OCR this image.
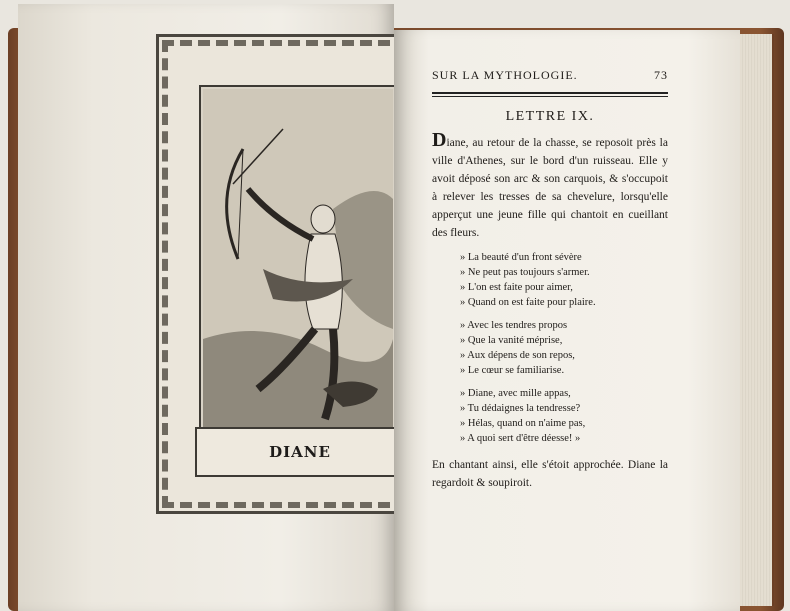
DIANE
SUR LA MYTHOLOGIE.	73
LETTRE IX.
Diane, au retour de la chasse, se reposoit près la ville d'Athenes, sur le bord d'un ruisseau. Elle y avoit déposé son arc & son carquois, & s'occupoit à relever les tresses de sa chevelure, lorsqu'elle apperçut une jeune fille qui chantoit en cueillant des fleurs.
» La beauté d'un front sévère
» Ne peut pas toujours s'armer.
» L'on est faite pour aimer,
» Quand on est faite pour plaire.
» Avec les tendres propos
» Que la vanité méprise,
» Aux dépens de son repos,
» Le cœur se familiarise.
» Diane, avec mille appas,
» Tu dédaignes la tendresse?
» Hélas, quand on n'aime pas,
» A quoi sert d'être déesse! »
En chantant ainsi, elle s'étoit approchée. Diane la regardoit & soupiroit.
